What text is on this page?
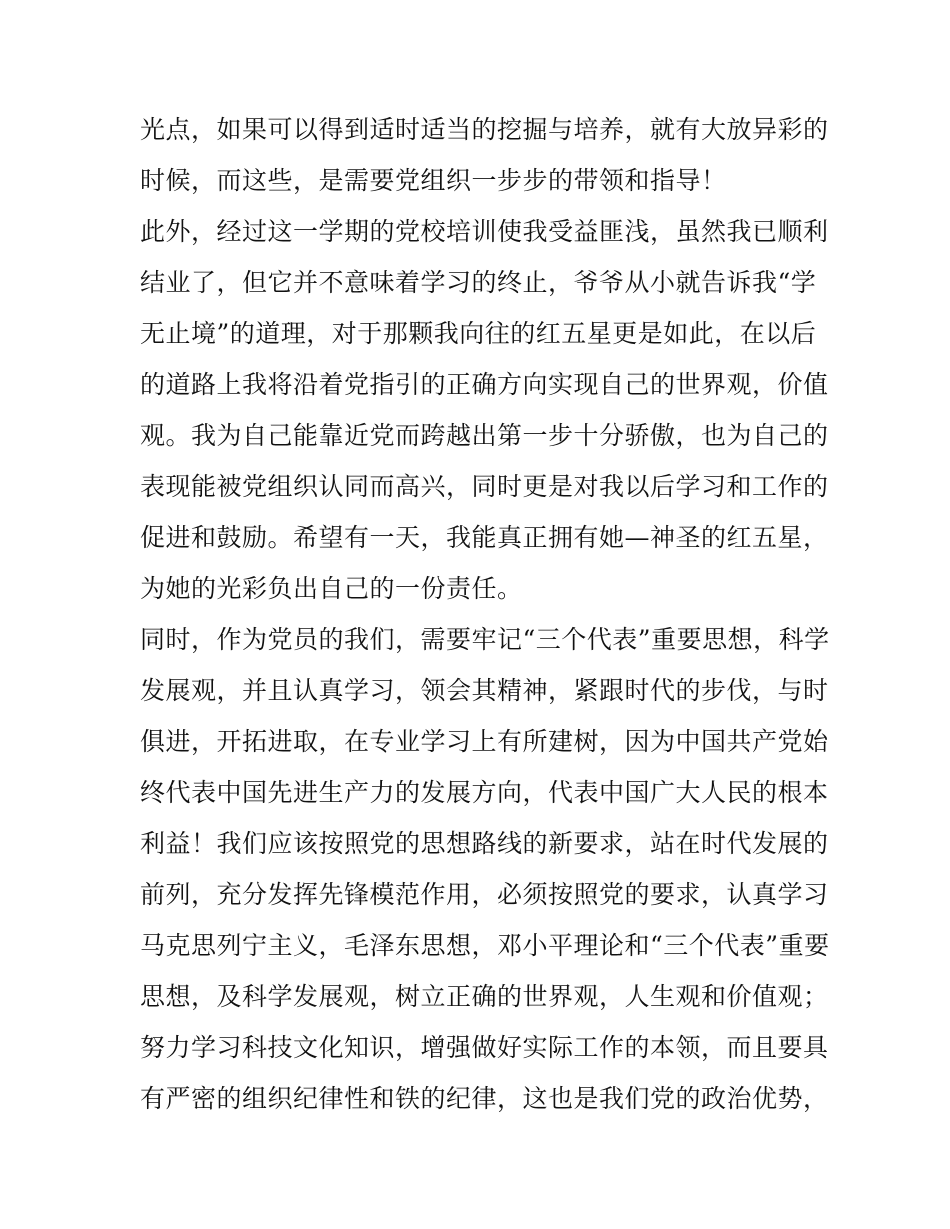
光点，如果可以得到适时适当的挖掘与培养，就有大放异彩的
时候，而这些，是需要党组织一步步的带领和指导！
此外，经过这一学期的党校培训使我受益匪浅，虽然我已顺利
结业了，但它并不意味着学习的终止，爷爷从小就告诉我“学
无止境”的道理，对于那颗我向往的红五星更是如此，在以后
的道路上我将沿着党指引的正确方向实现自己的世界观，价值
观。我为自己能靠近党而跨越出第一步十分骄傲，也为自己的
表现能被党组织认同而高兴，同时更是对我以后学习和工作的
促进和鼓励。希望有一天，我能真正拥有她—神圣的红五星，
为她的光彩负出自己的一份责任。
同时，作为党员的我们，需要牢记“三个代表”重要思想，科学
发展观，并且认真学习，领会其精神，紧跟时代的步伐，与时
俱进，开拓进取，在专业学习上有所建树，因为中国共产党始
终代表中国先进生产力的发展方向，代表中国广大人民的根本
利益！我们应该按照党的思想路线的新要求，站在时代发展的
前列，充分发挥先锋模范作用，必须按照党的要求，认真学习
马克思列宁主义，毛泽东思想，邓小平理论和“三个代表”重要
思想，及科学发展观，树立正确的世界观，人生观和价值观；
努力学习科技文化知识，增强做好实际工作的本领，而且要具
有严密的组织纪律性和铁的纪律，这也是我们党的政治优势，
